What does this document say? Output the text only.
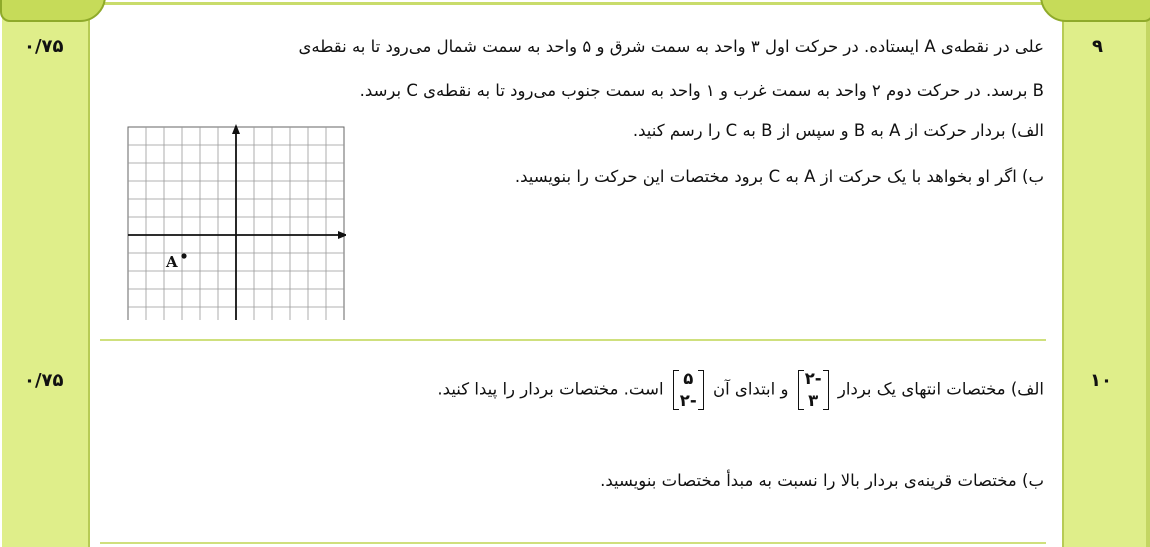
۹
۰/۷۵
۱۰
۰/۷۵
علی در نقطه‌ی A ایستاده. در حرکت اول ۳ واحد به سمت شرق و ۵ واحد به سمت شمال می‌رود تا به نقطه‌ی
B برسد. در حرکت دوم ۲ واحد به سمت غرب و ۱ واحد به سمت جنوب می‌رود تا به نقطه‌ی C برسد.
الف) بردار حرکت از A به B و سپس از B به C را رسم کنید.
ب) اگر او بخواهد با یک حرکت از A به C برود مختصات این حرکت را بنویسید.
الف) مختصات انتهای یک بردار
-۲
۳
و ابتدای آن
۵
-۲
است. مختصات بردار را پیدا کنید.
ب) مختصات قرینه‌ی بردار بالا را نسبت به مبدأ مختصات بنویسید.
A
